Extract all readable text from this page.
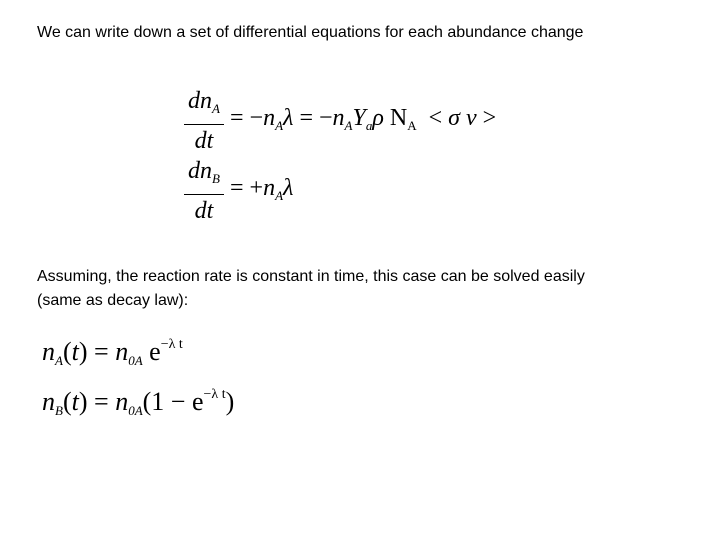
We can write down a set of differential equations for each abundance change
$dn_A$
dt
= $-n_A\lambda = -n_AY_a\rho$ $N_A < \sigma$ v >
$dn_B$
dt
= $+n_A\lambda$
Assuming, the reaction rate is constant in time, this case can be solved easily
(same as decay law):
$n_A(t) = n_{0A}$ $e^{-\lambda t}$
$n_B(t) = n_{0A}(1 - e^{-\lambda t})$
